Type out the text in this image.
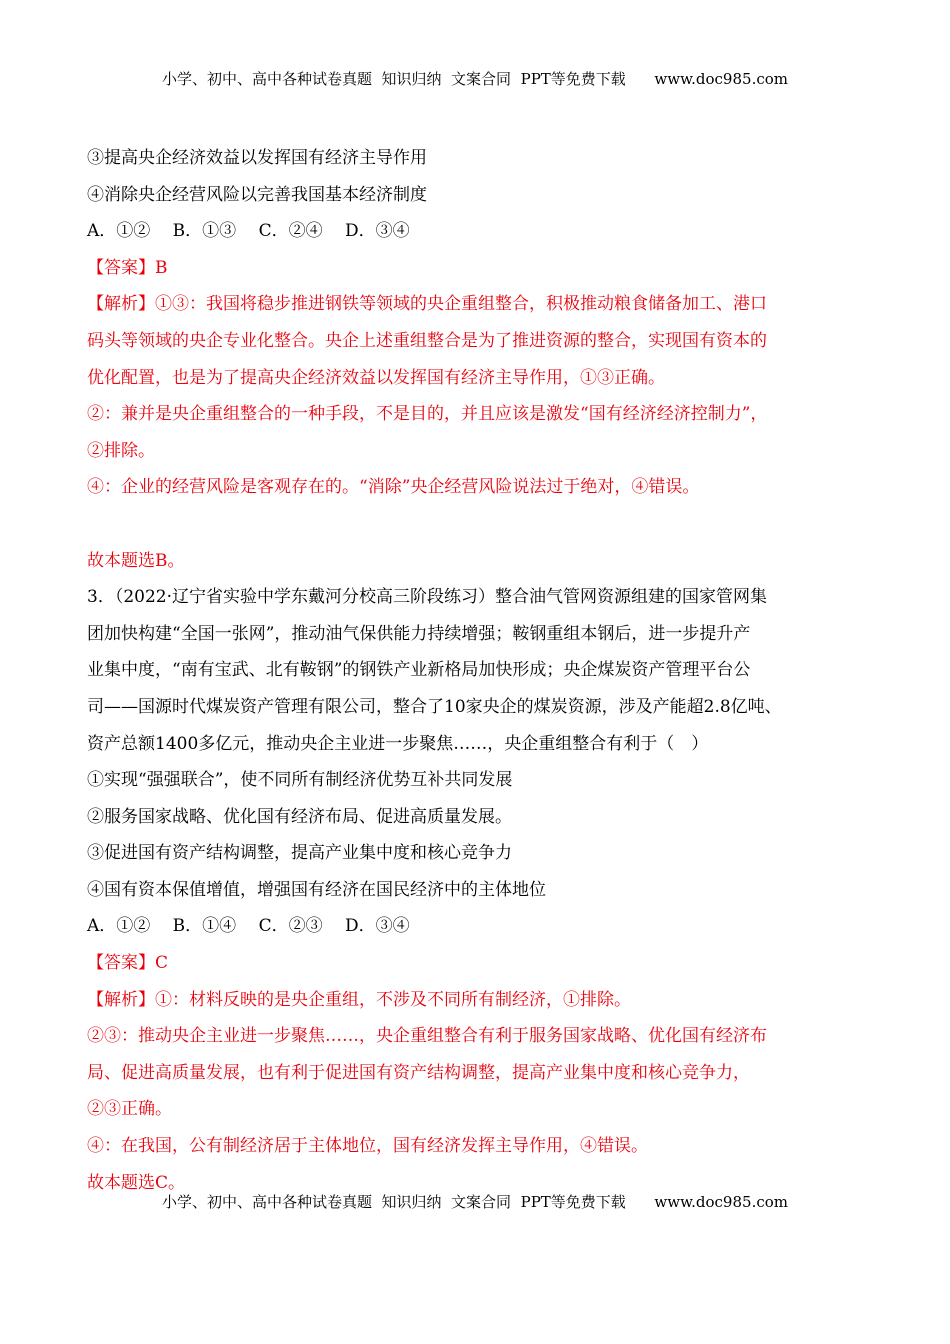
小学、初中、高中各种试卷真题  知识归纳  文案合同  PPT等免费下载      www.doc985.com
③提高央企经济效益以发挥国有经济主导作用
④消除央企经营风险以完善我国基本经济制度
A．①②　 B．①③　 C．②④　 D．③④
【答案】B
【解析】①③：我国将稳步推进钢铁等领域的央企重组整合，积极推动粮食储备加工、港口
码头等领域的央企专业化整合。央企上述重组整合是为了推进资源的整合，实现国有资本的
优化配置，也是为了提高央企经济效益以发挥国有经济主导作用，①③正确。
②：兼并是央企重组整合的一种手段，不是目的，并且应该是激发“国有经济经济控制力”，
②排除。
④：企业的经营风险是客观存在的。“消除”央企经营风险说法过于绝对，④错误。
故本题选B。
3．（2022·辽宁省实验中学东戴河分校高三阶段练习）整合油气管网资源组建的国家管网集
团加快构建“全国一张网”，推动油气保供能力持续增强；鞍钢重组本钢后，进一步提升产
业集中度，“南有宝武、北有鞍钢”的钢铁产业新格局加快形成；央企煤炭资产管理平台公
司——国源时代煤炭资产管理有限公司，整合了10家央企的煤炭资源，涉及产能超2.8亿吨、
资产总额1400多亿元，推动央企主业进一步聚焦……，央企重组整合有利于（　）
①实现“强强联合”，使不同所有制经济优势互补共同发展
②服务国家战略、优化国有经济布局、促进高质量发展。
③促进国有资产结构调整，提高产业集中度和核心竞争力
④国有资本保值增值，增强国有经济在国民经济中的主体地位
A．①②　 B．①④　 C．②③　 D．③④
【答案】C
【解析】①：材料反映的是央企重组，不涉及不同所有制经济，①排除。
②③：推动央企主业进一步聚焦……，央企重组整合有利于服务国家战略、优化国有经济布
局、促进高质量发展，也有利于促进国有资产结构调整，提高产业集中度和核心竞争力，
②③正确。
④：在我国，公有制经济居于主体地位，国有经济发挥主导作用，④错误。
故本题选C。
小学、初中、高中各种试卷真题  知识归纳  文案合同  PPT等免费下载      www.doc985.com
